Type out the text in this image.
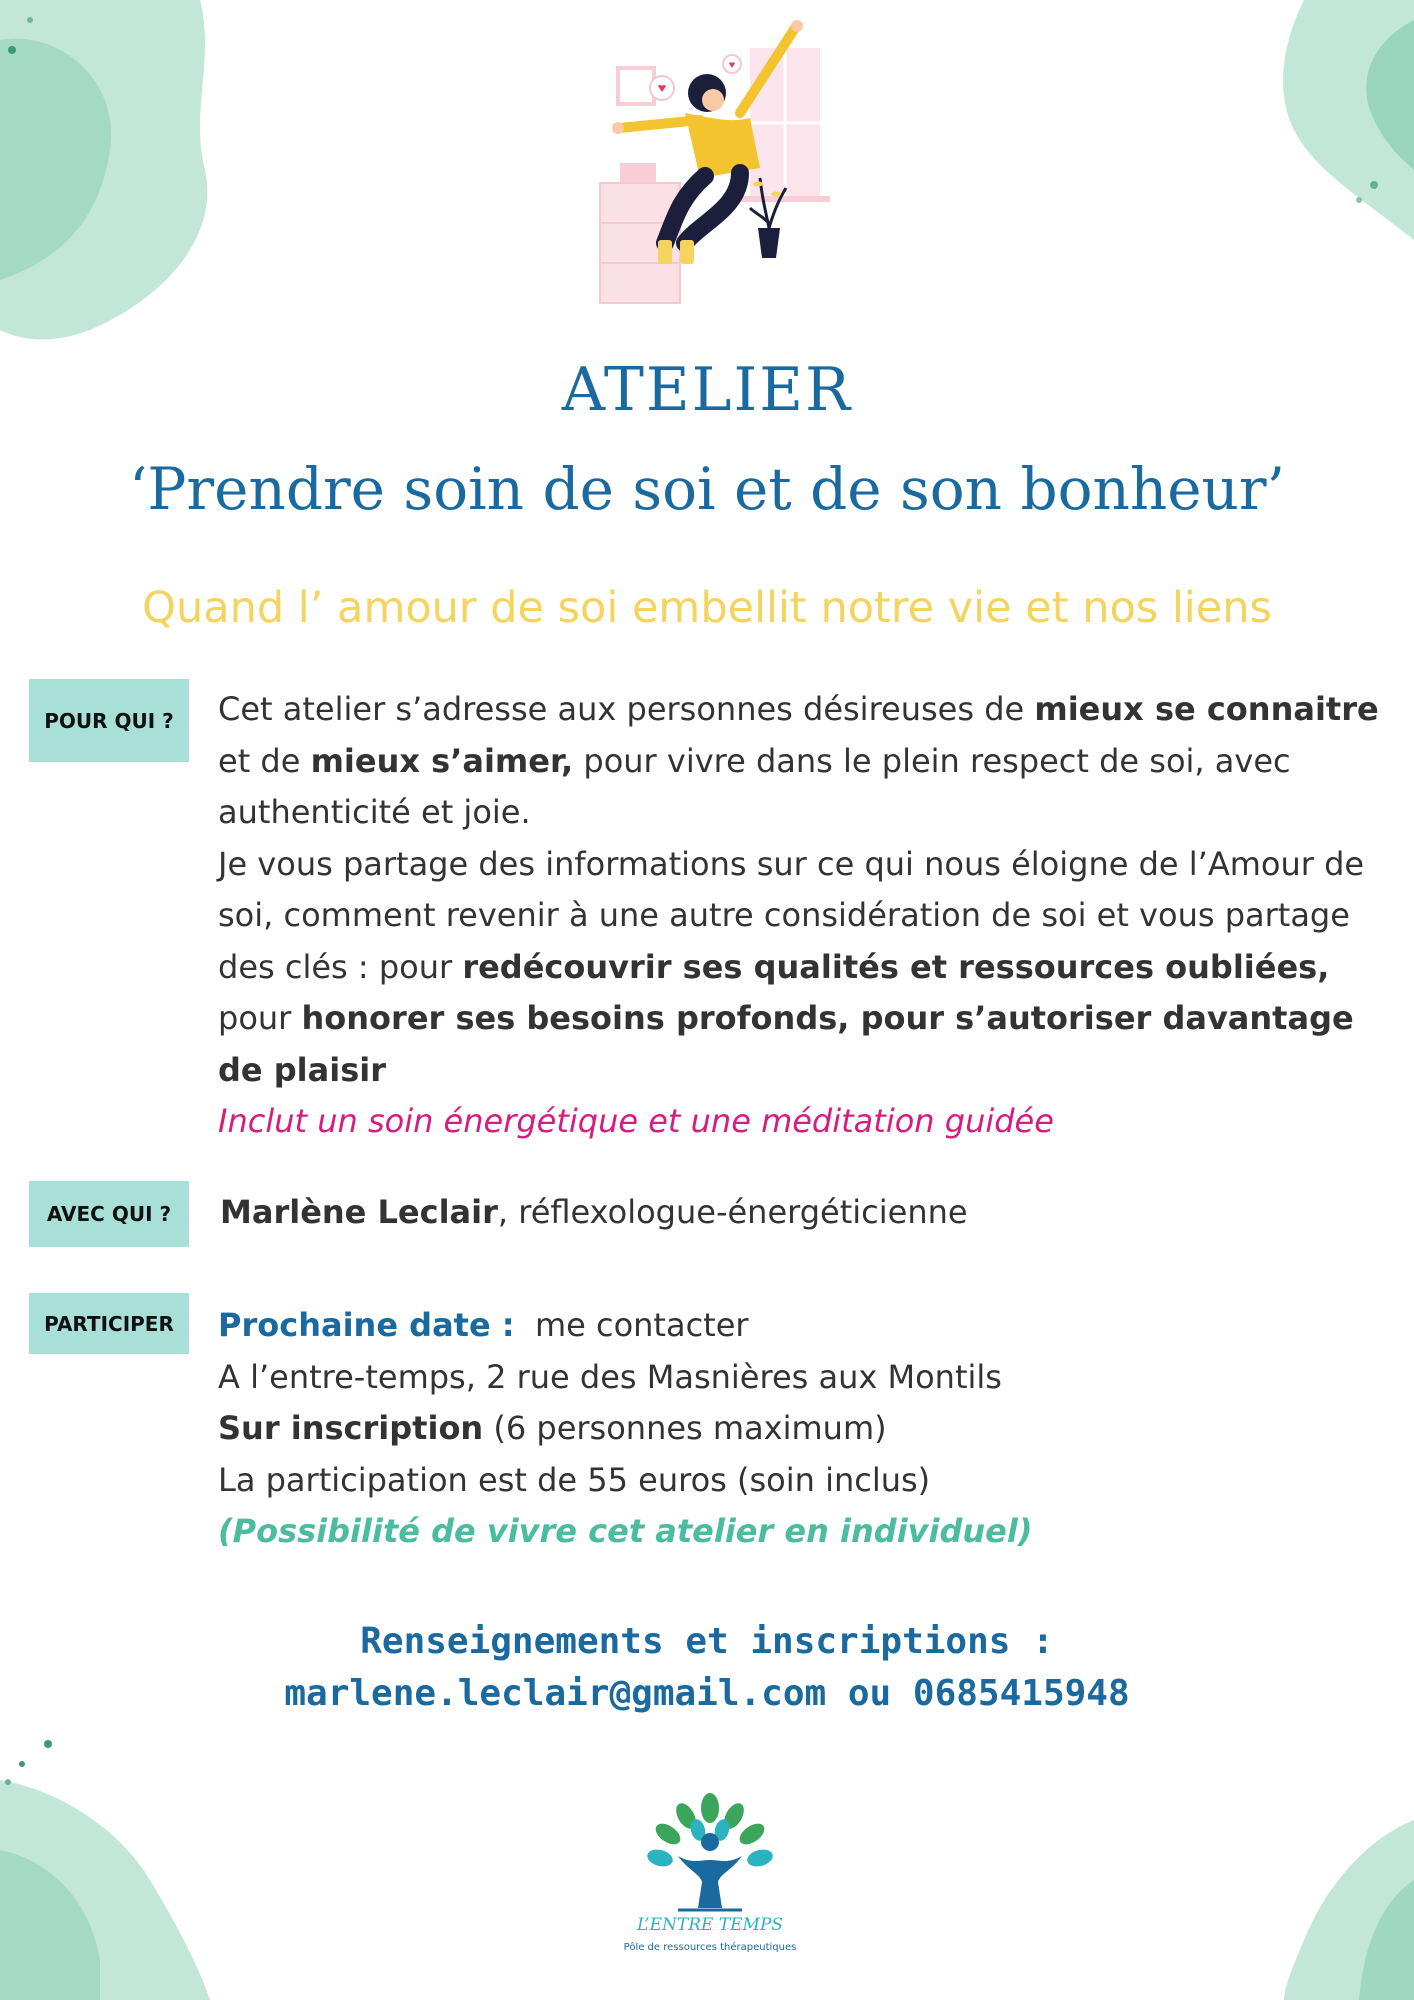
ATELIER
‘Prendre soin de soi et de son bonheur’
Quand l’ amour de soi embellit notre vie et nos liens
POUR QUI ?	Cet atelier s’adresse aux personnes désireuses de mieux se connaitre et de mieux s’aimer, pour vivre dans le plein respect de soi, avec authenticité et joie.

Je vous partage des informations sur ce qui nous éloigne de l’Amour de soi, comment revenir à une autre considération de soi et vous partage des clés : pour redécouvrir ses qualités et ressources oubliées, pour honorer ses besoins profonds, pour s’autoriser davantage de plaisir

Inclut un soin énergétique et une méditation guidée

AVEC QUI ?	Marlène Leclair, réflexologue-énergéticienne

PARTICIPER	Prochaine date :  me contacter

A l’entre-temps, 2 rue des Masnières aux Montils

Sur inscription (6 personnes maximum)

La participation est de 55 euros (soin inclus)

(Possibilité de vivre cet atelier en individuel)

Renseignements et inscriptions :
marlene.leclair@gmail.com ou 0685415948
L’ENTRE TEMPS
Pôle de ressources thérapeutiques
